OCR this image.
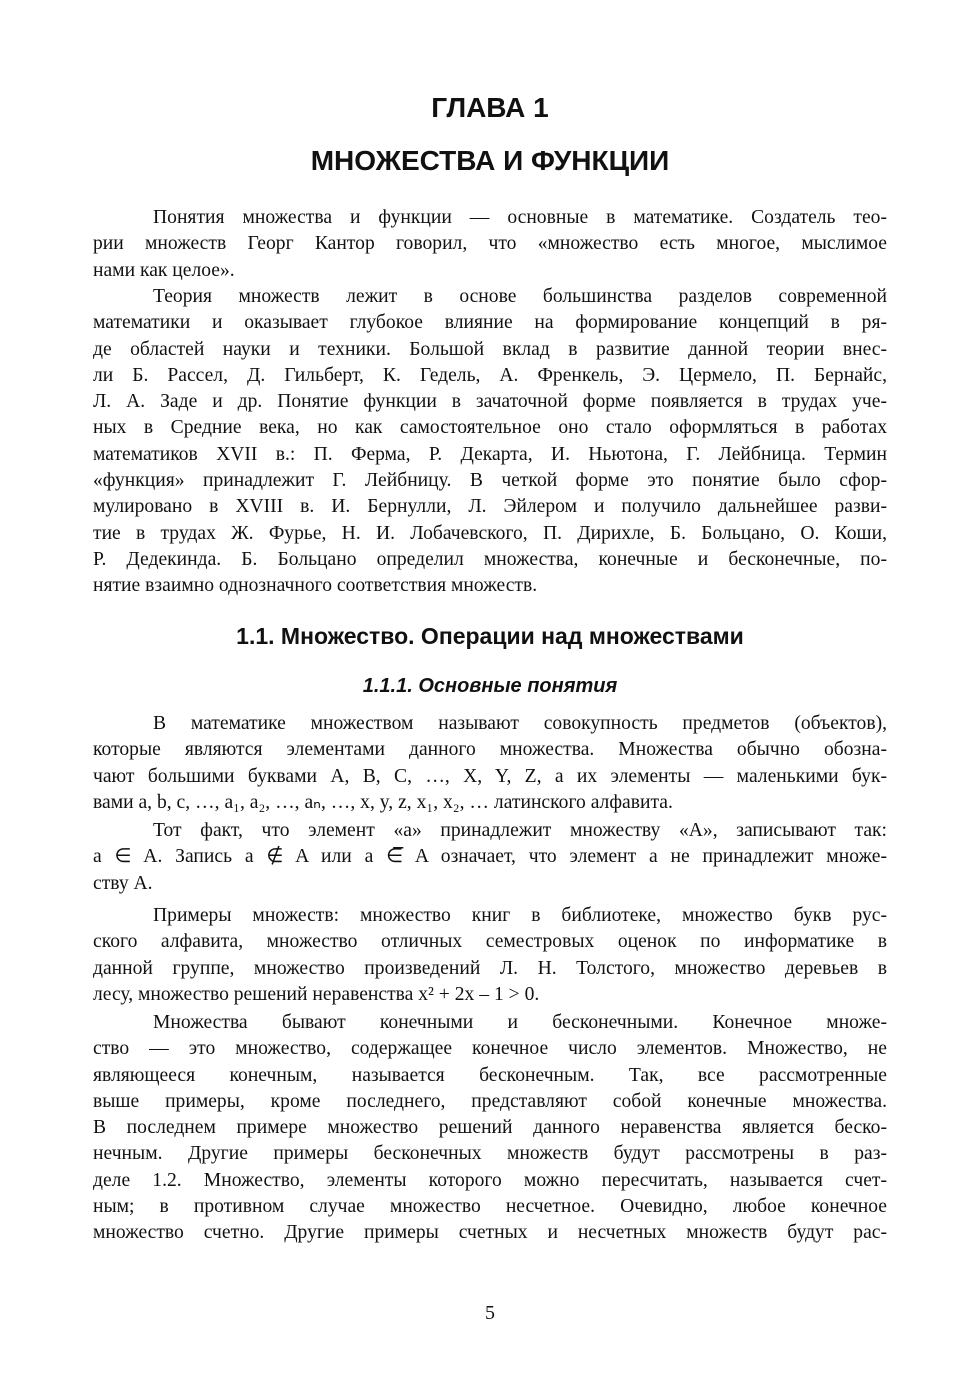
ГЛАВА 1
МНОЖЕСТВА И ФУНКЦИИ
Понятия множества и функции — основные в математике. Создатель тео-
рии множеств Георг Кантор говорил, что «множество есть многое, мыслимое
нами как целое».
Теория множеств лежит в основе большинства разделов современной
математики и оказывает глубокое влияние на формирование концепций в ря-
де областей науки и техники. Большой вклад в развитие данной теории внес-
ли Б. Рассел, Д. Гильберт, К. Гедель, А. Френкель, Э. Цермело, П. Бернайс,
Л. А. Заде и др. Понятие функции в зачаточной форме появляется в трудах уче-
ных в Средние века, но как самостоятельное оно стало оформляться в работах
математиков XVII в.: П. Ферма, Р. Декарта, И. Ньютона, Г. Лейбница. Термин
«функция» принадлежит Г. Лейбницу. В четкой форме это понятие было сфор-
мулировано в XVIII в. И. Бернулли, Л. Эйлером и получило дальнейшее разви-
тие в трудах Ж. Фурье, Н. И. Лобачевского, П. Дирихле, Б. Больцано, О. Коши,
Р. Дедекинда. Б. Больцано определил множества, конечные и бесконечные, по-
нятие взаимно однозначного соответствия множеств.
1.1. Множество. Операции над множествами
1.1.1. Основные понятия
В математике множеством называют совокупность предметов (объектов),
которые являются элементами данного множества. Множества обычно обозна-
чают большими буквами A, B, C, …, X, Y, Z, а их элементы — маленькими бук-
вами a, b, c, …, a₁, a₂, …, aₙ, …, x, y, z, x₁, x₂, … латинского алфавита.
Тот факт, что элемент «a» принадлежит множеству «A», записывают так:
a ∈ A. Запись a ∉ A или a ∈̅ A означает, что элемент a не принадлежит множе-
ству A.
Примеры множеств: множество книг в библиотеке, множество букв рус-
ского алфавита, множество отличных семестровых оценок по информатике в
данной группе, множество произведений Л. Н. Толстого, множество деревьев в
лесу, множество решений неравенства x² + 2x – 1 > 0.
Множества бывают конечными и бесконечными. Конечное множе-
ство — это множество, содержащее конечное число элементов. Множество, не
являющееся конечным, называется бесконечным. Так, все рассмотренные
выше примеры, кроме последнего, представляют собой конечные множества.
В последнем примере множество решений данного неравенства является беско-
нечным. Другие примеры бесконечных множеств будут рассмотрены в раз-
деле 1.2. Множество, элементы которого можно пересчитать, называется счет-
ным; в противном случае множество несчетное. Очевидно, любое конечное
множество счетно. Другие примеры счетных и несчетных множеств будут рас-

5
